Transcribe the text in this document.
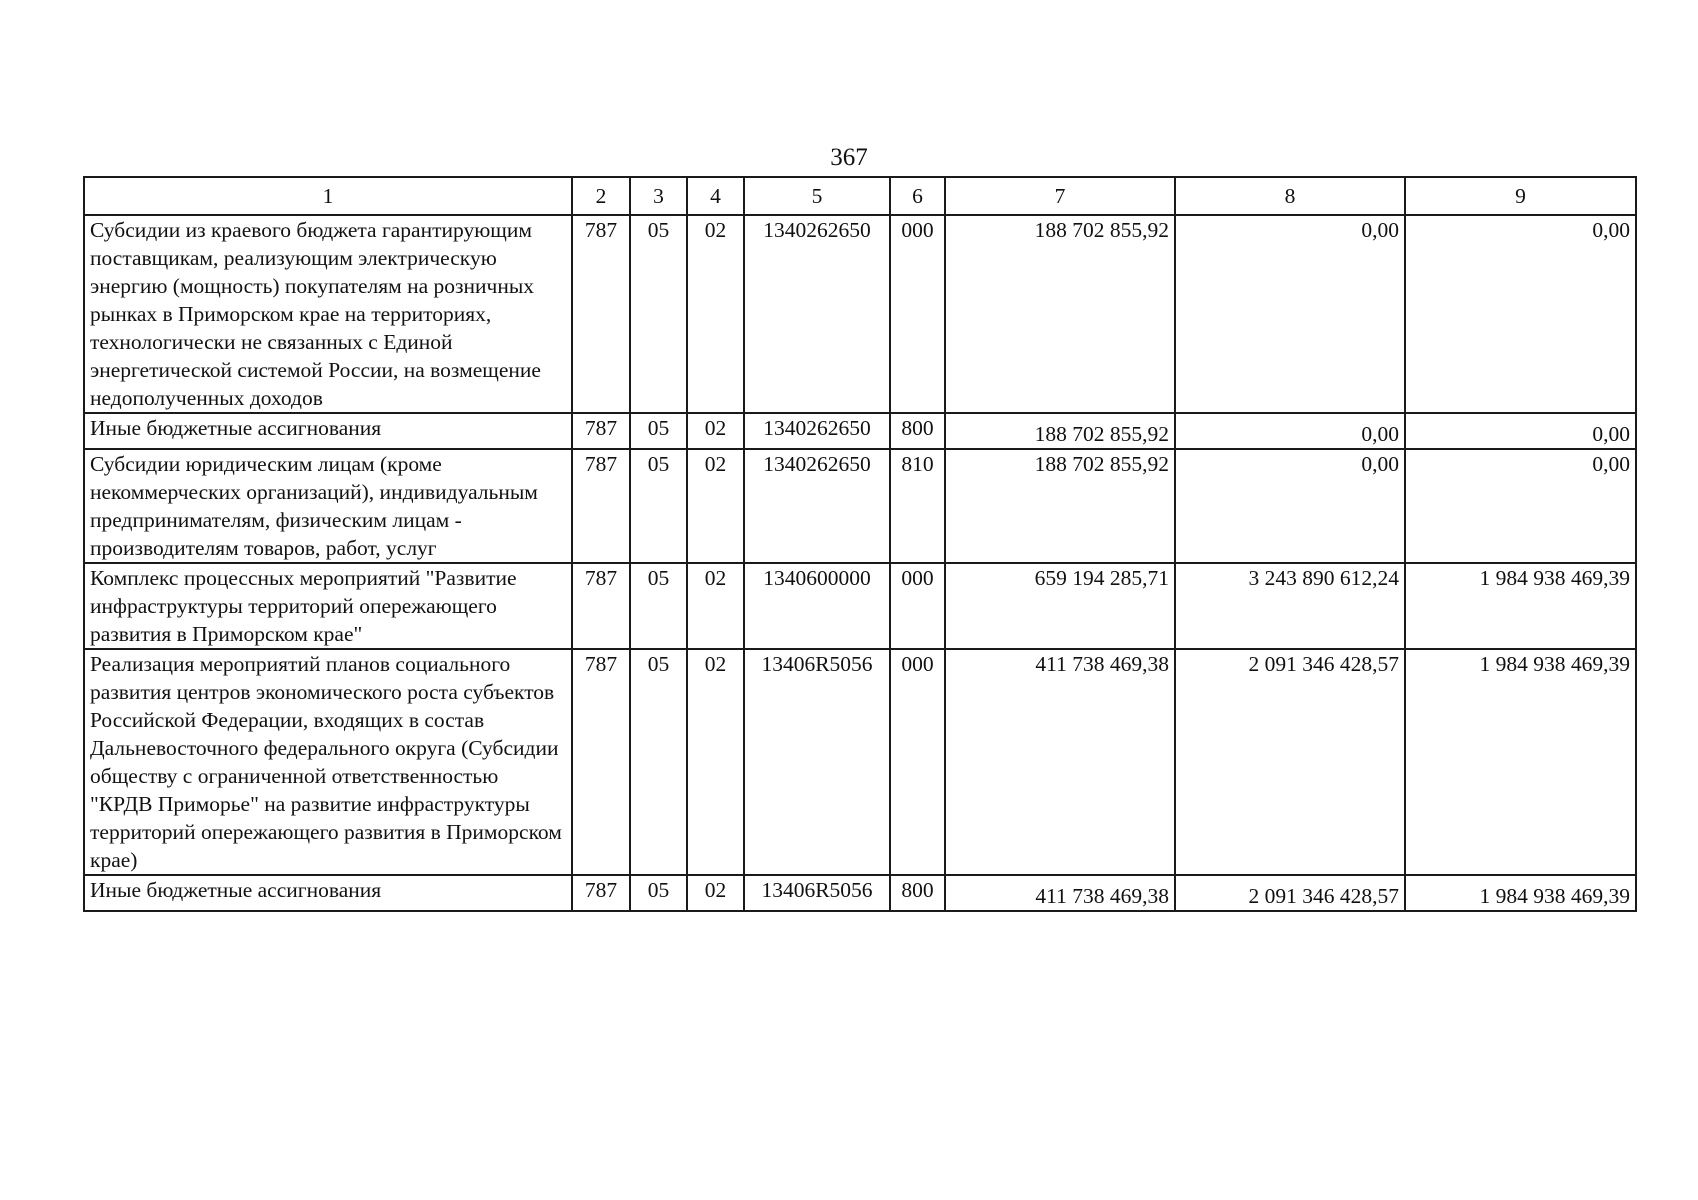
367
1	2	3	4	5	6	7	8	9
Субсидии из краевого бюджета гарантирующим поставщикам, реализующим электрическую энергию (мощность) покупателям на розничных рынках в Приморском крае на территориях, технологически не связанных с Единой энергетической системой России, на возмещение недополученных доходов	787	05	02	1340262650	000	188 702 855,92	0,00	0,00
Иные бюджетные ассигнования	787	05	02	1340262650	800	188 702 855,92	0,00	0,00
Субсидии юридическим лицам (кроме некоммерческих организаций), индивидуальным предпринимателям, физическим лицам - производителям товаров, работ, услуг	787	05	02	1340262650	810	188 702 855,92	0,00	0,00
Комплекс процессных мероприятий "Развитие инфраструктуры территорий опережающего развития в Приморском крае"	787	05	02	1340600000	000	659 194 285,71	3 243 890 612,24	1 984 938 469,39
Реализация мероприятий планов социального развития центров экономического роста субъектов Российской Федерации, входящих в состав Дальневосточного федерального округа (Субсидии обществу с ограниченной ответственностью "КРДВ Приморье" на развитие инфраструктуры территорий опережающего развития в Приморском крае)	787	05	02	13406R5056	000	411 738 469,38	2 091 346 428,57	1 984 938 469,39
Иные бюджетные ассигнования	787	05	02	13406R5056	800	411 738 469,38	2 091 346 428,57	1 984 938 469,39
